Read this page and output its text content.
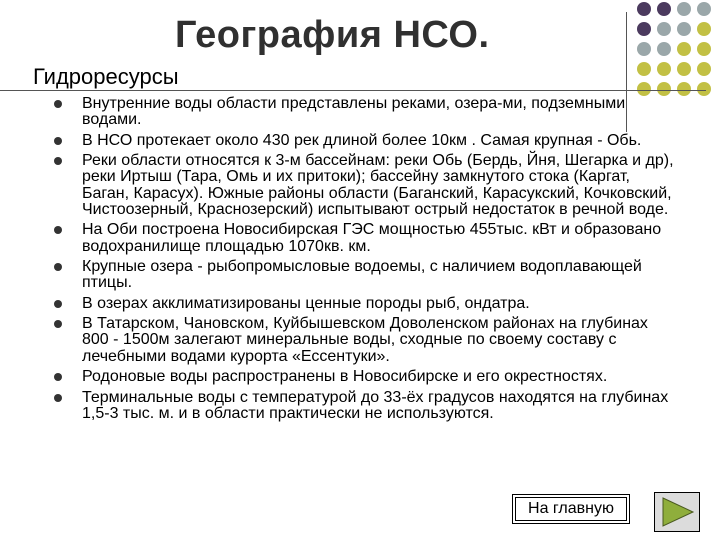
География НСО.
Гидроресурсы
Внутренние воды области представлены реками, озера-ми, подземными водами.
В НСО протекает около 430 рек длиной более 10км . Самая крупная - Обь.
Реки области относятся к 3-м бассейнам: реки Обь (Бердь, Йня, Шегарка и др), реки Иртыш (Тара, Омь и их притоки); бассейну замкнутого стока (Каргат, Баган, Карасух). Южные районы области (Баганский, Карасукский, Кочковский, Чистоозерный, Краснозерский) испытывают острый недостаток в речной воде.
На Оби построена Новосибирская ГЭС мощностью 455тыс. кВт и образовано водохранилище площадью 1070кв. км.
Крупные озера - рыбопромысловые водоемы, с наличием водоплавающей птицы.
В озерах акклиматизированы ценные породы рыб, ондатра.
В Татарском, Чановском, Куйбышевском Доволенском районах на глубинах 800 - 1500м залегают минеральные воды, сходные по своему составу с лечебными водами курорта «Ессентуки».
Родоновые воды распространены в Новосибирске и его окрестностях.
Терминальные воды с температурой до 33-ёх градусов находятся на глубинах 1,5-3 тыс. м. и в области практически не используются.
На главную
